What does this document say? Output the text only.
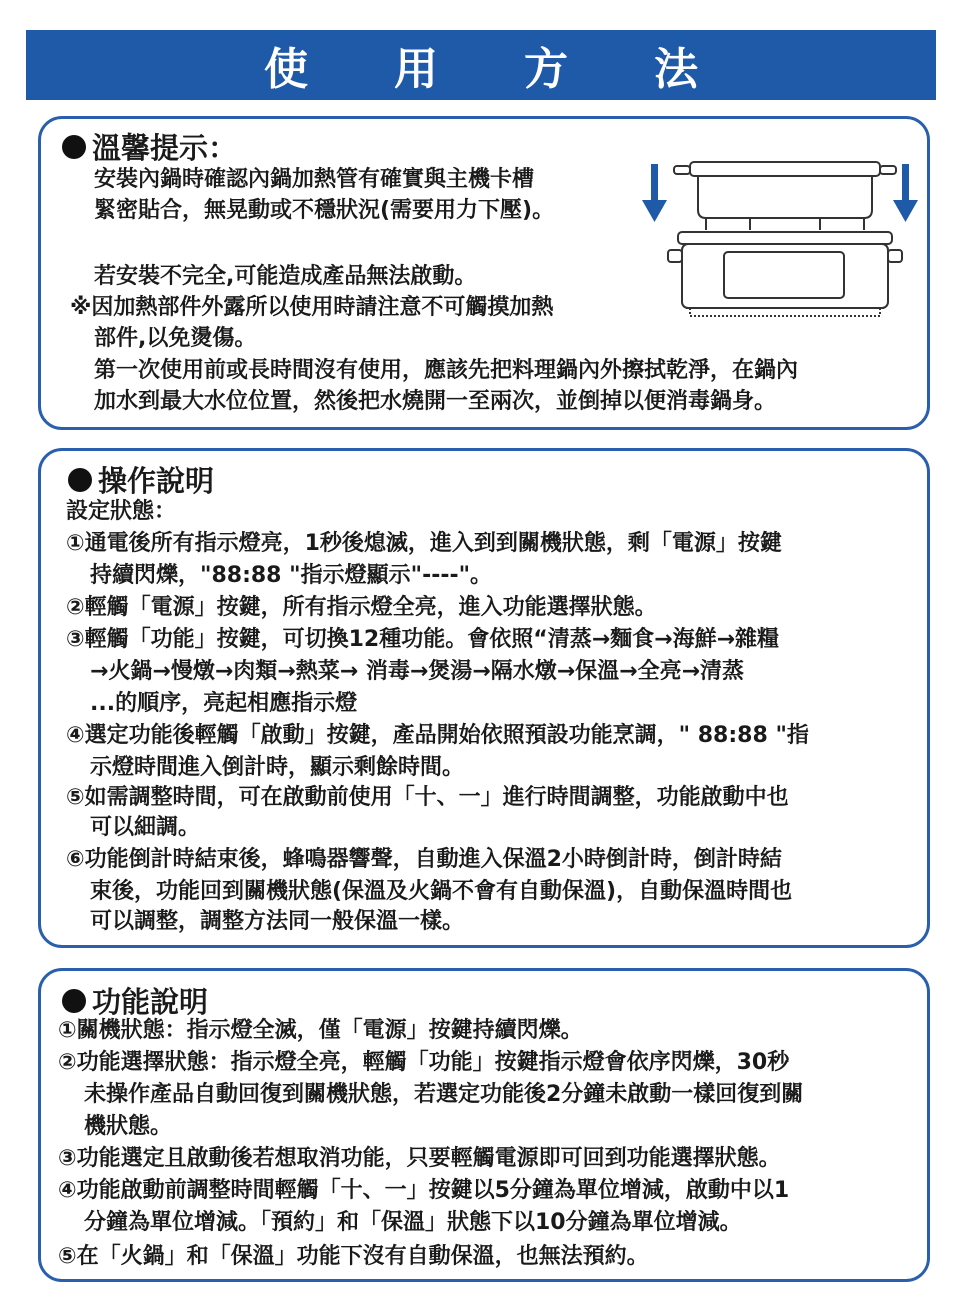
使	用	方	法
溫馨提示：
安裝內鍋時確認內鍋加熱管有確實與主機卡槽
緊密貼合，無晃動或不穩狀況(需要用力下壓)。
若安裝不完全,可能造成產品無法啟動。
※因加熱部件外露所以使用時請注意不可觸摸加熱
部件,以免燙傷。
第一次使用前或長時間沒有使用，應該先把料理鍋內外擦拭乾淨，在鍋內
加水到最大水位位置，然後把水燒開一至兩次，並倒掉以便消毒鍋身。
操作說明
設定狀態：
①通電後所有指示燈亮，1秒後熄滅，進入到到關機狀態，剩「電源」按鍵
持續閃爍，"88:88 "指示燈顯示"----"。
②輕觸「電源」按鍵，所有指示燈全亮，進入功能選擇狀態。
③輕觸「功能」按鍵，可切換12種功能。會依照“清蒸→麵食→海鮮→雜糧
→火鍋→慢燉→肉類→熱菜→ 消毒→煲湯→隔水燉→保溫→全亮→清蒸
...的順序，亮起相應指示燈
④選定功能後輕觸「啟動」按鍵，產品開始依照預設功能烹調，" 88:88 "指
示燈時間進入倒計時，顯示剩餘時間。
⑤如需調整時間，可在啟動前使用「十、一」進行時間調整，功能啟動中也
可以細調。
⑥功能倒計時結束後，蜂鳴器響聲，自動進入保溫2小時倒計時，倒計時結
束後，功能回到關機狀態(保溫及火鍋不會有自動保溫)，自動保溫時間也
可以調整，調整方法同一般保溫一樣。
功能說明
①關機狀態：指示燈全滅，僅「電源」按鍵持續閃爍。
②功能選擇狀態：指示燈全亮，輕觸「功能」按鍵指示燈會依序閃爍，30秒
未操作產品自動回復到關機狀態，若選定功能後2分鐘未啟動一樣回復到關
機狀態。
③功能選定且啟動後若想取消功能，只要輕觸電源即可回到功能選擇狀態。
④功能啟動前調整時間輕觸「十、一」按鍵以5分鐘為單位增減，啟動中以1
分鐘為單位增減。「預約」和「保溫」狀態下以10分鐘為單位增減。
⑤在「火鍋」和「保溫」功能下沒有自動保溫，也無法預約。
